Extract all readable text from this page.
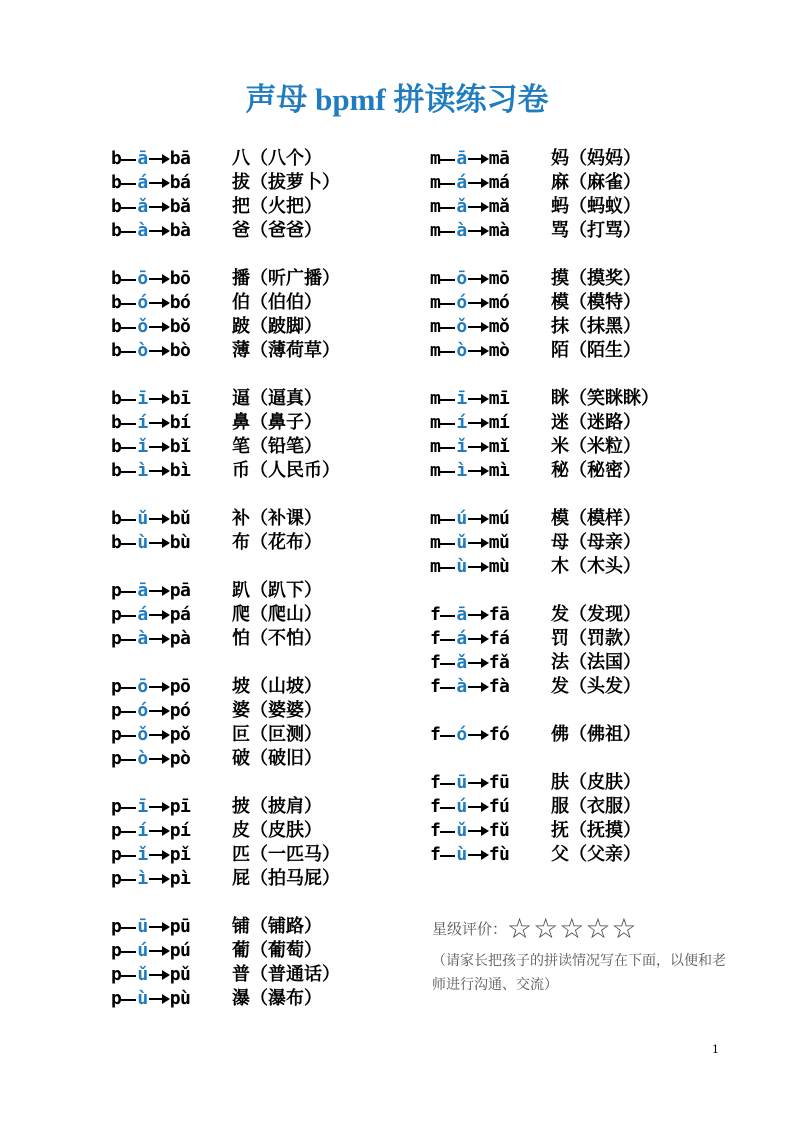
声母 bpmf 拼读练习卷
b ā bā 八（八个）
b á bá 拔（拔萝卜）
b ǎ bǎ 把（火把）
b à bà 爸（爸爸）
b ō bō 播（听广播）
b ó bó 伯（伯伯）
b ǒ bǒ 跛（跛脚）
b ò bò 薄（薄荷草）
b ī bī 逼（逼真）
b í bí 鼻（鼻子）
b ǐ bǐ 笔（铅笔）
b ì bì 币（人民币）
b ǔ bǔ 补（补课）
b ù bù 布（花布）
p ā pā 趴（趴下）
p á pá 爬（爬山）
p à pà 怕（不怕）
p ō pō 坡（山坡）
p ó pó 婆（婆婆）
p ǒ pǒ 叵（叵测）
p ò pò 破（破旧）
p ī pī 披（披肩）
p í pí 皮（皮肤）
p ǐ pǐ 匹（一匹马）
p ì pì 屁（拍马屁）
p ū pū 铺（铺路）
p ú pú 葡（葡萄）
p ǔ pǔ 普（普通话）
p ù pù 瀑（瀑布）
m ā mā 妈（妈妈）
m á má 麻（麻雀）
m ǎ mǎ 蚂（蚂蚁）
m à mà 骂（打骂）
m ō mō 摸（摸奖）
m ó mó 模（模特）
m ǒ mǒ 抹（抹黑）
m ò mò 陌（陌生）
m ī mī 眯（笑眯眯）
m í mí 迷（迷路）
m ǐ mǐ 米（米粒）
m ì mì 秘（秘密）
m ú mú 模（模样）
m ǔ mǔ 母（母亲）
m ù mù 木（木头）
f ā fā 发（发现）
f á fá 罚（罚款）
f ǎ fǎ 法（法国）
f à fà 发（头发）
f ó fó 佛（佛祖）
f ū fū 肤（皮肤）
f ú fú 服（衣服）
f ǔ fǔ 抚（抚摸）
f ù fù 父（父亲）
星级评价：☆☆☆☆☆
（请家长把孩子的拼读情况写在下面，以便和老师进行沟通、交流）
1
